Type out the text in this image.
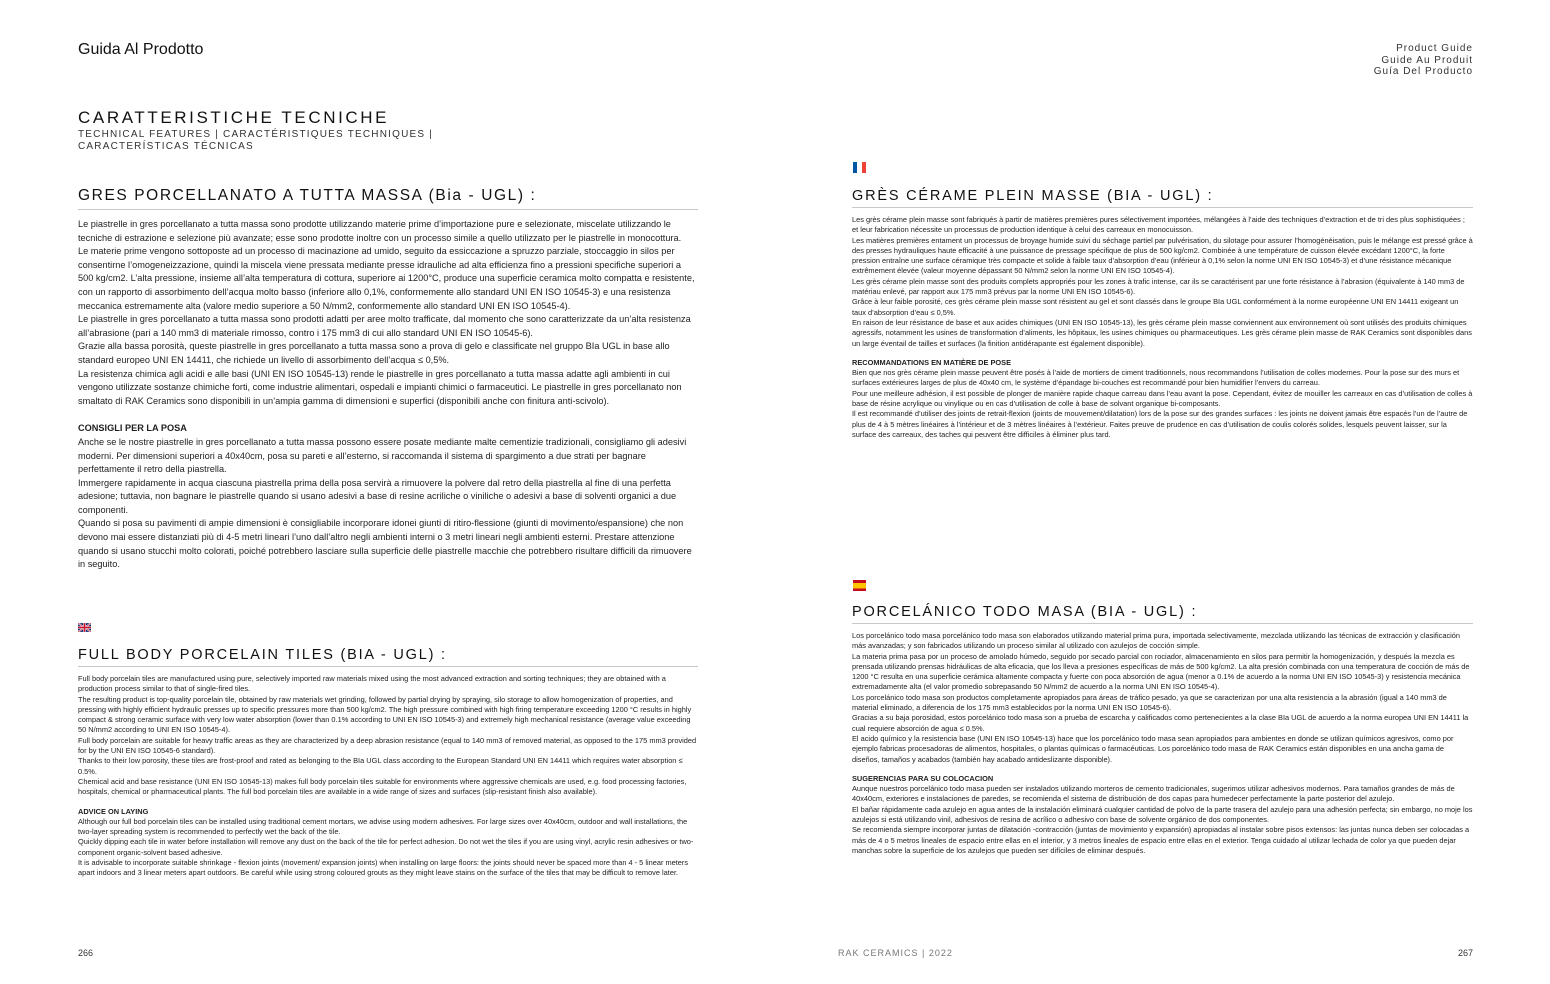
Guida Al Prodotto	Product Guide
Guide Au Produit
Guía Del Producto
CARATTERISTICHE TECNICHE
TECHNICAL FEATURES | CARACTÉRISTIQUES TECHNIQUES | CARACTERÍSTICAS TÉCNICAS
GRES PORCELLANATO A TUTTA MASSA (Bia - UGL) :
Le piastrelle in gres porcellanato a tutta massa sono prodotte utilizzando materie prime d’importazione pure e selezionate, miscelate utilizzando le tecniche di estrazione e selezione più avanzate; esse sono prodotte inoltre con un processo simile a quello utilizzato per le piastrelle in monocottura.
Le materie prime vengono sottoposte ad un processo di macinazione ad umido, seguito da essiccazione a spruzzo parziale, stoccaggio in silos per consentirne l’omogeneizzazione, quindi la miscela viene pressata mediante presse idrauliche ad alta efficienza fino a pressioni specifiche superiori a 500 kg/cm2. L’alta pressione, insieme all’alta temperatura di cottura, superiore ai 1200°C, produce una superficie ceramica molto compatta e resistente, con un rapporto di assorbimento dell’acqua molto basso (inferiore allo 0,1%, conformemente allo standard UNI EN ISO 10545-3) e una resistenza meccanica estremamente alta (valore medio superiore a 50 N/mm2, conformemente allo standard UNI EN ISO 10545-4).
Le piastrelle in gres porcellanato a tutta massa sono prodotti adatti per aree molto trafficate, dal momento che sono caratterizzate da un’alta resistenza all’abrasione (pari a 140 mm3 di materiale rimosso, contro i 175 mm3 di cui allo standard UNI EN ISO 10545-6).
Grazie alla bassa porosità, queste piastrelle in gres porcellanato a tutta massa sono a prova di gelo e classificate nel gruppo BIa UGL in base allo standard europeo UNI EN 14411, che richiede un livello di assorbimento dell’acqua ≤ 0,5%.
La resistenza chimica agli acidi e alle basi (UNI EN ISO 10545-13) rende le piastrelle in gres porcellanato a tutta massa adatte agli ambienti in cui vengono utilizzate sostanze chimiche forti, come industrie alimentari, ospedali e impianti chimici o farmaceutici. Le piastrelle in gres porcellanato non smaltato di RAK Ceramics sono disponibili in un’ampia gamma di dimensioni e superfici (disponibili anche con finitura anti-scivolo).
CONSIGLI PER LA POSA
Anche se le nostre piastrelle in gres porcellanato a tutta massa possono essere posate mediante malte cementizie tradizionali, consigliamo gli adesivi moderni. Per dimensioni superiori a 40x40cm, posa su pareti e all’esterno, si raccomanda il sistema di spargimento a due strati per bagnare perfettamente il retro della piastrella.
Immergere rapidamente in acqua ciascuna piastrella prima della posa servirà a rimuovere la polvere dal retro della piastrella al fine di una perfetta adesione; tuttavia, non bagnare le piastrelle quando si usano adesivi a base di resine acriliche o viniliche o adesivi a base di solventi organici a due componenti.
Quando si posa su pavimenti di ampie dimensioni è consigliabile incorporare idonei giunti di ritiro-flessione (giunti di movimento/espansione) che non devono mai essere distanziati più di 4-5 metri lineari l’uno dall’altro negli ambienti interni o 3 metri lineari negli ambienti esterni. Prestare attenzione quando si usano stucchi molto colorati, poiché potrebbero lasciare sulla superficie delle piastrelle macchie che potrebbero risultare difficili da rimuovere in seguito.
FULL BODY PORCELAIN TILES (BIA - UGL) :
Full body porcelain tiles are manufactured using pure, selectively imported raw materials mixed using the most advanced extraction and sorting techniques; they are obtained with a production process similar to that of single-fired tiles.
The resulting product is top-quality porcelain tile, obtained by raw materials wet grinding, followed by partial drying by spraying, silo storage to allow homogenization of properties, and pressing with highly efficient hydraulic presses up to specific pressures more than 500 kg/cm2. The high pressure combined with high firing temperature exceeding 1200 °C results in highly compact & strong ceramic surface with very low water absorption (lower than 0.1% according to UNI EN ISO 10545-3) and extremely high mechanical resistance (average value exceeding 50 N/mm2 according to UNI EN ISO 10545-4).
Full body porcelain are suitable for heavy traffic areas as they are characterized by a deep abrasion resistance (equal to 140 mm3 of removed material, as opposed to the 175 mm3 provided for by the UNI EN ISO 10545-6 standard).
Thanks to their low porosity, these tiles are frost-proof and rated as belonging to the BIa UGL class according to the European Standard UNI EN 14411 which requires water absorption ≤ 0.5%.
Chemical acid and base resistance (UNI EN ISO 10545-13) makes full body porcelain tiles suitable for environments where aggressive chemicals are used, e.g. food processing factories, hospitals, chemical or pharmaceutical plants. The full bod porcelain tiles are available in a wide range of sizes and surfaces (slip-resistant finish also available).
ADVICE ON LAYING
Although our full bod porcelain tiles can be installed using traditional cement mortars, we advise using modern adhesives. For large sizes over 40x40cm, outdoor and wall installations, the two-layer spreading system is recommended to perfectly wet the back of the tile.
Quickly dipping each tile in water before installation will remove any dust on the back of the tile for perfect adhesion. Do not wet the tiles if you are using vinyl, acrylic resin adhesives or two-component organic-solvent based adhesive.
It is advisable to incorporate suitable shrinkage - flexion joints (movement/ expansion joints) when installing on large floors: the joints should never be spaced more than 4 - 5 linear meters apart indoors and 3 linear meters apart outdoors. Be careful while using strong coloured grouts as they might leave stains on the surface of the tiles that may be difficult to remove later.
GRÈS CÉRAME PLEIN MASSE (BIA - UGL) :
Les grès cérame plein masse sont fabriqués à partir de matières premières pures sélectivement importées, mélangées à l’aide des techniques d’extraction et de tri des plus sophistiquées ; et leur fabrication nécessite un processus de production identique à celui des carreaux en monocuisson.
Les matières premières entament un processus de broyage humide suivi du séchage partiel par pulvérisation, du silotage pour assurer l’homogénéisation, puis le mélange est pressé grâce à des presses hydrauliques haute efficacité à une puissance de pressage spécifique de plus de 500 kg/cm2. Combinée à une température de cuisson élevée excédant 1200°C, la forte pression entraîne une surface céramique très compacte et solide à faible taux d’absorption d’eau (inférieur à 0,1% selon la norme UNI EN ISO 10545-3) et d’une résistance mécanique extrêmement élevée (valeur moyenne dépassant 50 N/mm2 selon la norme UNI EN ISO 10545-4).
Les grès cérame plein masse sont des produits complets appropriés pour les zones à trafic intense, car ils se caractérisent par une forte résistance à l’abrasion (équivalente à 140 mm3 de matériau enlevé, par rapport aux 175 mm3 prévus par la norme UNI EN ISO 10545-6).
Grâce à leur faible porosité, ces grès cérame plein masse sont résistent au gel et sont classés dans le groupe BIa UGL conformément à la norme européenne UNI EN 14411 exigeant un taux d’absorption d’eau ≤ 0,5%.
En raison de leur résistance de base et aux acides chimiques (UNI EN ISO 10545-13), les grès cérame plein masse conviennent aux environnement où sont utilisés des produits chimiques agressifs, notamment les usines de transformation d’aliments, les hôpitaux, les usines chimiques ou pharmaceutiques. Les grès cérame plein masse de RAK Ceramics sont disponibles dans un large éventail de tailles et surfaces (la finition antidérapante est également disponible).
RECOMMANDATIONS EN MATIÈRE DE POSE
Bien que nos grès cérame plein masse peuvent être posés à l’aide de mortiers de ciment traditionnels, nous recommandons l’utilisation de colles modernes. Pour la pose sur des murs et surfaces extérieures larges de plus de 40x40 cm, le système d’épandage bi-couches est recommandé pour bien humidifier l’envers du carreau.
Pour une meilleure adhésion, il est possible de plonger de manière rapide chaque carreau dans l’eau avant la pose. Cependant, évitez de mouiller les carreaux en cas d’utilisation de colles à base de résine acrylique ou vinylique ou en cas d’utilisation de colle à base de solvant organique bi-composants.
Il est recommandé d’utiliser des joints de retrait-flexion (joints de mouvement/dilatation) lors de la pose sur des grandes surfaces : les joints ne doivent jamais être espacés l’un de l’autre de plus de 4 à 5 mètres linéaires à l’intérieur et de 3 mètres linéaires à l’extérieur. Faites preuve de prudence en cas d’utilisation de coulis colorés solides, lesquels peuvent laisser, sur la surface des carreaux, des taches qui peuvent être difficiles à éliminer plus tard.
PORCELÁNICO TODO MASA (BIA - UGL) :
Los porcelánico todo masa porcelánico todo masa son elaborados utilizando material prima pura, importada selectivamente, mezclada utilizando las técnicas de extracción y clasificación más avanzadas; y son fabricados utilizando un proceso similar al utilizado con azulejos de cocción simple.
La materia prima pasa por un proceso de amolado húmedo, seguido por secado parcial con rociador, almacenamiento en silos para permitir la homogenización, y después la mezcla es prensada utilizando prensas hidráulicas de alta eficacia, que los lleva a presiones específicas de más de 500 kg/cm2. La alta presión combinada con una temperatura de cocción de más de 1200 °C resulta en una superficie cerámica altamente compacta y fuerte con poca absorción de agua (menor a 0.1% de acuerdo a la norma UNI EN ISO 10545-3) y resistencia mecánica extremadamente alta (el valor promedio sobrepasando 50 N/mm2 de acuerdo a la norma UNI EN ISO 10545-4).
Los porcelánico todo masa son productos completamente apropiados para áreas de tráfico pesado, ya que se caracterizan por una alta resistencia a la abrasión (igual a 140 mm3 de material eliminado, a diferencia de los 175 mm3 establecidos por la norma UNI EN ISO 10545-6).
Gracias a su baja porosidad, estos porcelánico todo masa son a prueba de escarcha y calificados como pertenecientes a la clase BIa UGL de acuerdo a la norma europea UNI EN 14411 la cual requiere absorción de agua ≤ 0.5%.
El acido químico y la resistencia base (UNI EN ISO 10545-13) hace que los porcelánico todo masa sean apropiados para ambientes en donde se utilizan químicos agresivos, como por ejemplo fabricas procesadoras de alimentos, hospitales, o plantas químicas o farmacéuticas. Los porcelánico todo masa de RAK Ceramics están disponibles en una ancha gama de diseños, tamaños y acabados (también hay acabado antideslizante disponible).
SUGERENCIAS PARA SU COLOCACION
Aunque nuestros porcelánico todo masa pueden ser instalados utilizando morteros de cemento tradicionales, sugerimos utilizar adhesivos modernos. Para tamaños grandes de más de 40x40cm, exteriores e instalaciones de paredes, se recomienda el sistema de distribución de dos capas para humedecer perfectamente la parte posterior del azulejo.
El bañar rápidamente cada azulejo en agua antes de la instalación eliminará cualquier cantidad de polvo de la parte trasera del azulejo para una adhesión perfecta; sin embargo, no moje los azulejos si está utilizando vinil, adhesivos de resina de acrílico o adhesivo con base de solvente orgánico de dos componentes.
Se recomienda siempre incorporar juntas de dilatación -contracción (juntas de movimiento y expansión) apropiadas al instalar sobre pisos extensos: las juntas nunca deben ser colocadas a más de 4 o 5 metros lineales de espacio entre ellas en el interior, y 3 metros lineales de espacio entre ellas en el exterior. Tenga cuidado al utilizar lechada de color ya que pueden dejar manchas sobre la superficie de los azulejos que pueden ser difíciles de eliminar después.
266	RAK CERAMICS | 2022	267
